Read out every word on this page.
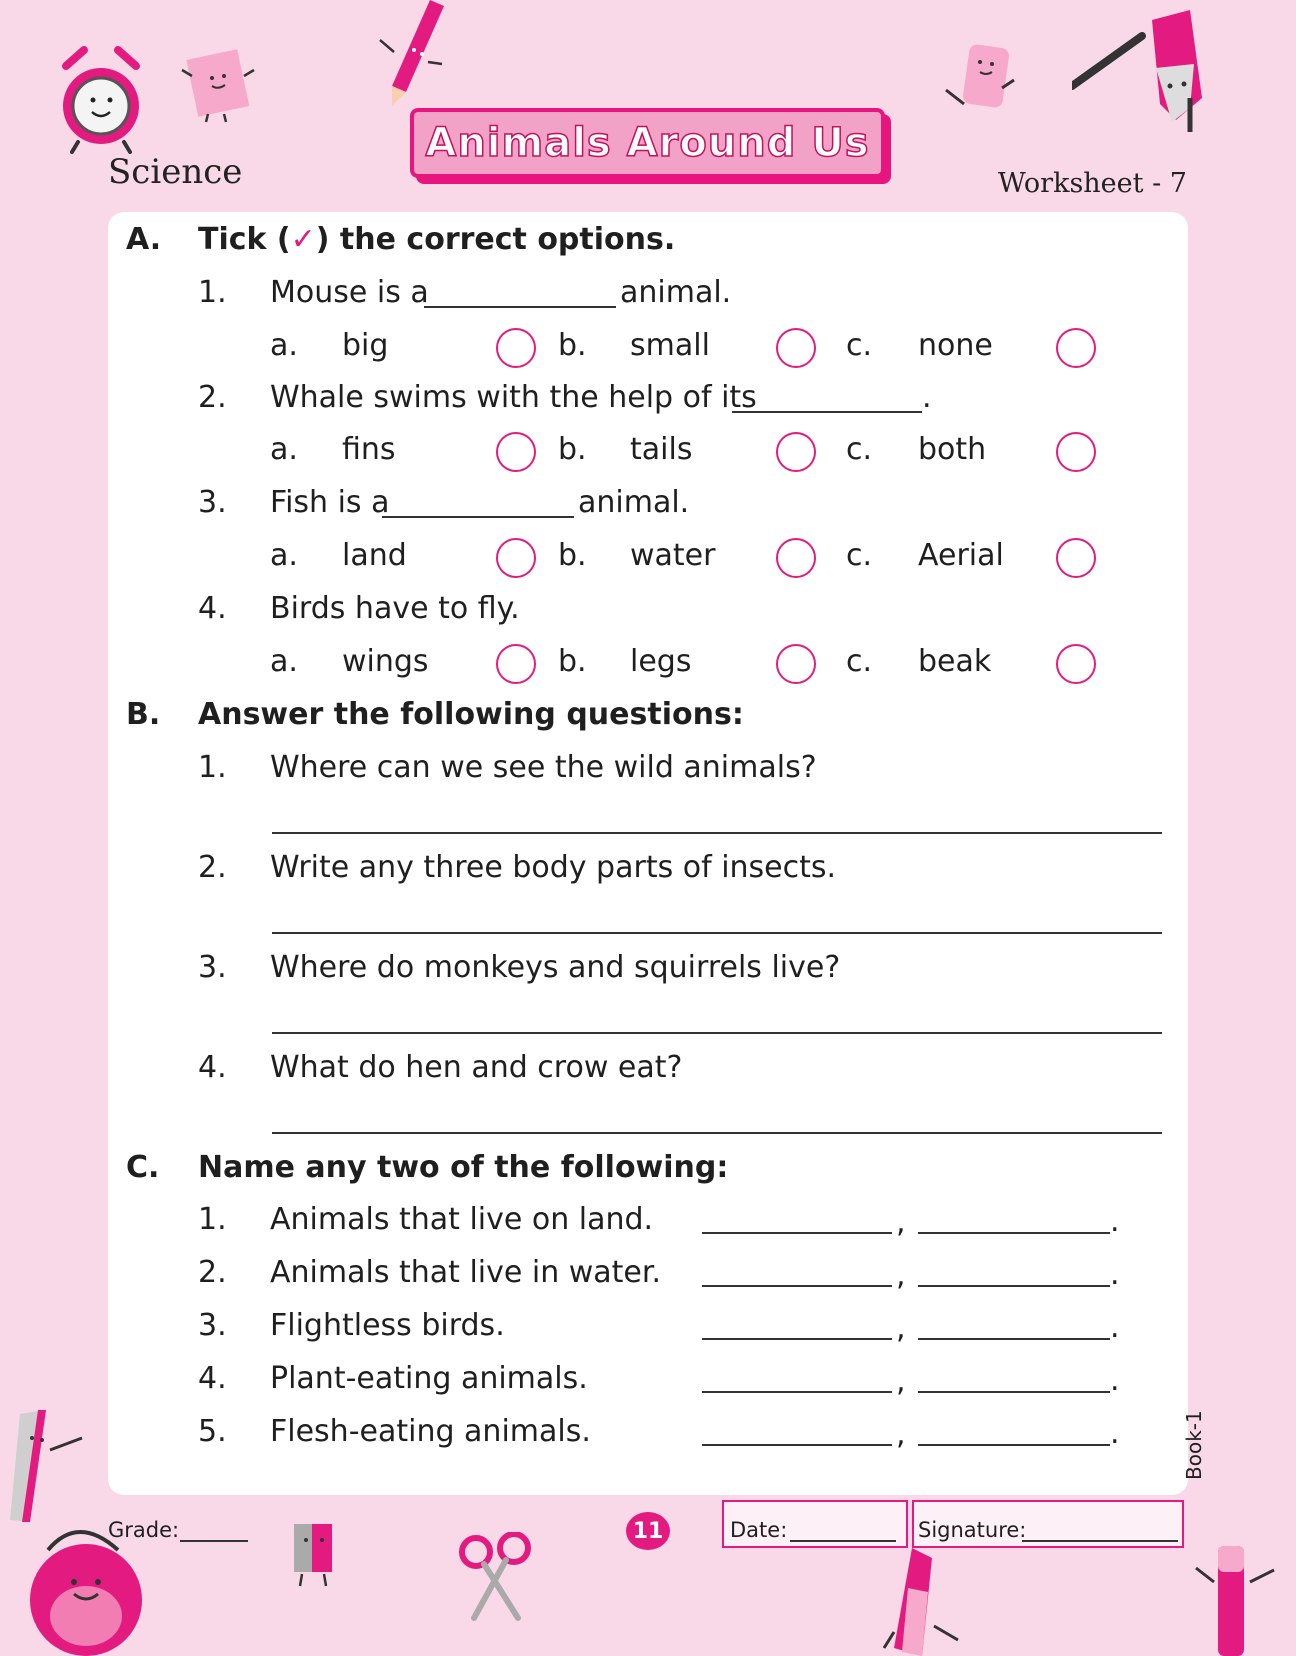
Science
Animals Around Us
Worksheet - 7
A. Tick (✓) the correct options.
1. Mouse is a	animal.
a. big	b. small	c. none
2. Whale swims with the help of its	.
a. fins	b. tails	c. both
3. Fish is a	animal.
a. land	b. water	c. Aerial
4. Birds have to fly.
a. wings	b. legs	c. beak
B. Answer the following questions:
1. Where can we see the wild animals?
2. Write any three body parts of insects.
3. Where do monkeys and squirrels live?
4. What do hen and crow eat?
C. Name any two of the following:
1. Animals that live on land.	,	.
2. Animals that live in water.	,	.
3. Flightless birds.	,	.
4. Plant-eating animals.	,	.
5. Flesh-eating animals.	,	.	Book-1
Grade:	11	Date:	Signature:
